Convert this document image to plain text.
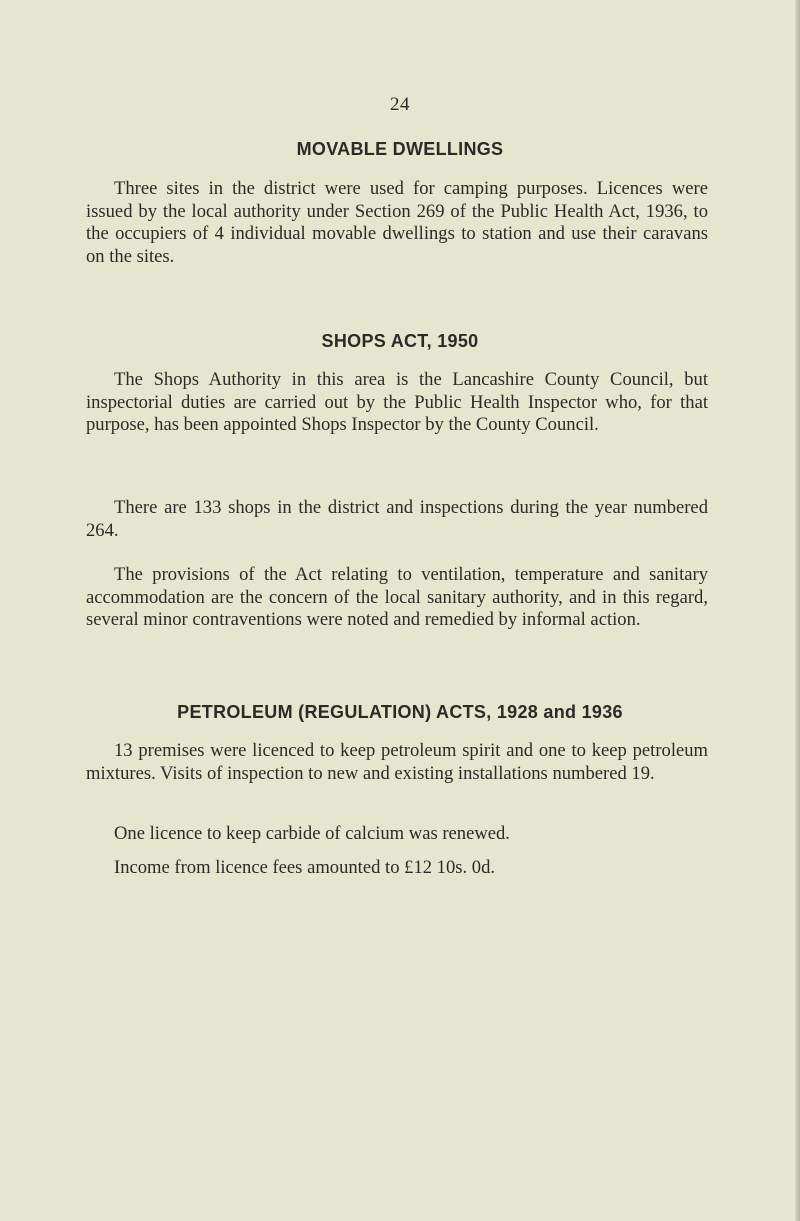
24
MOVABLE DWELLINGS
Three sites in the district were used for camping purposes. Licences were issued by the local authority under Section 269 of the Public Health Act, 1936, to the occupiers of 4 individual movable dwellings to station and use their caravans on the sites.
SHOPS ACT, 1950
The Shops Authority in this area is the Lancashire County Council, but inspectorial duties are carried out by the Public Health Inspector who, for that purpose, has been appointed Shops Inspector by the County Council.
There are 133 shops in the district and inspections during the year numbered 264.
The provisions of the Act relating to ventilation, temperature and sanitary accommodation are the concern of the local sanitary authority, and in this regard, several minor contraventions were noted and remedied by informal action.
PETROLEUM (REGULATION) ACTS, 1928 and 1936
13 premises were licenced to keep petroleum spirit and one to keep petroleum mixtures. Visits of inspection to new and existing installations numbered 19.
One licence to keep carbide of calcium was renewed.
Income from licence fees amounted to £12 10s. 0d.
